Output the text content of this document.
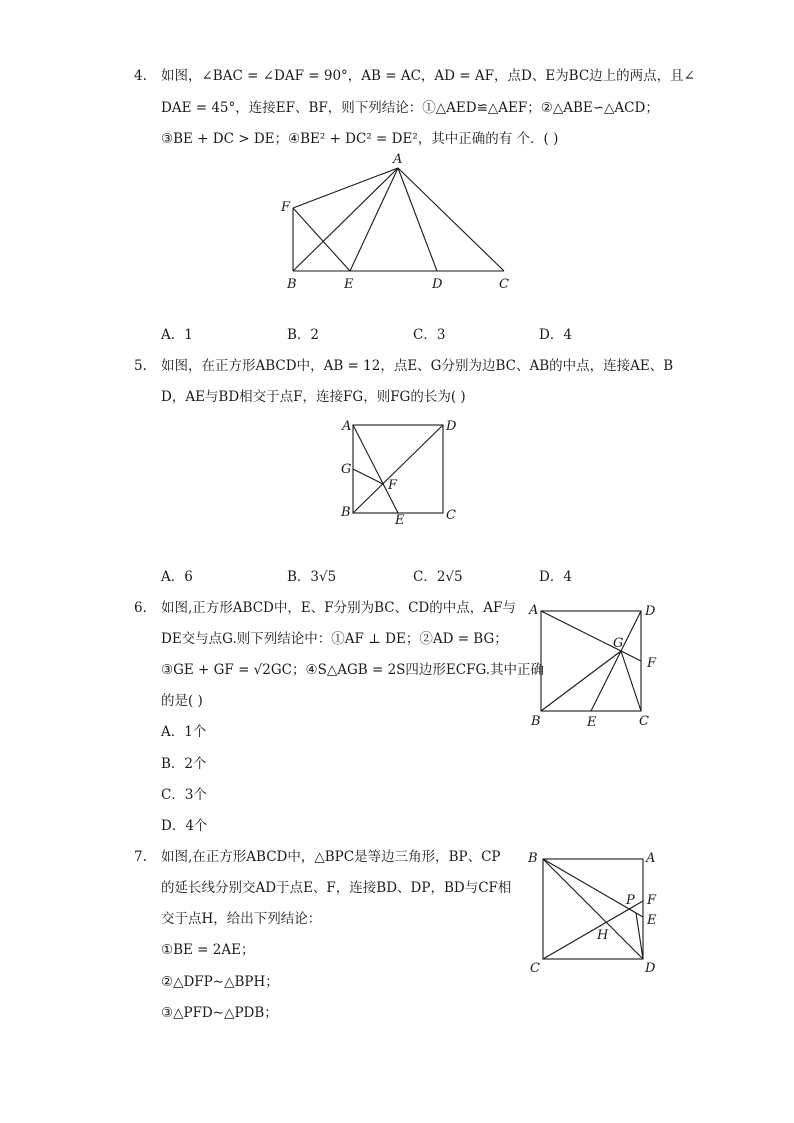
4. 如图，∠BAC = ∠DAF = 90°，AB = AC，AD = AF，点D、E为BC边上的两点，且∠
DAE = 45°，连接EF、BF，则下列结论：①△AED≌△AEF；②△ABE∽△ACD；
③BE + DC > DE；④BE² + DC² = DE²，其中正确的有 个．( )
A
F
B	E	D	C
A．1	B．2	C．3	D．4
5. 如图，在正方形ABCD中，AB = 12，点E、G分别为边BC、AB的中点，连接AE、B
D，AE与BD相交于点F，连接FG，则FG的长为( )
A	D
G
F
B
E	C
A．6	B．3√5	C．2√5	D．4
6. 如图,正方形ABCD中，E、F分别为BC、CD的中点，AF与
DE交与点G.则下列结论中：①AF ⊥ DE；②AD = BG；
③GE + GF = √2GC；④S△AGB = 2S四边形ECFG.其中正确
的是( )
A．1个
B．2个
C．3个
D．4个
A	D
G
F
B	E	C
7. 如图,在正方形ABCD中，△BPC是等边三角形，BP、CP
的延长线分别交AD于点E、F，连接BD、DP，BD与CF相
交于点H，给出下列结论：
①BE = 2AE；
②△DFP∼△BPH；
③△PFD∼△PDB；
B	A
P F
E
H
C	D
